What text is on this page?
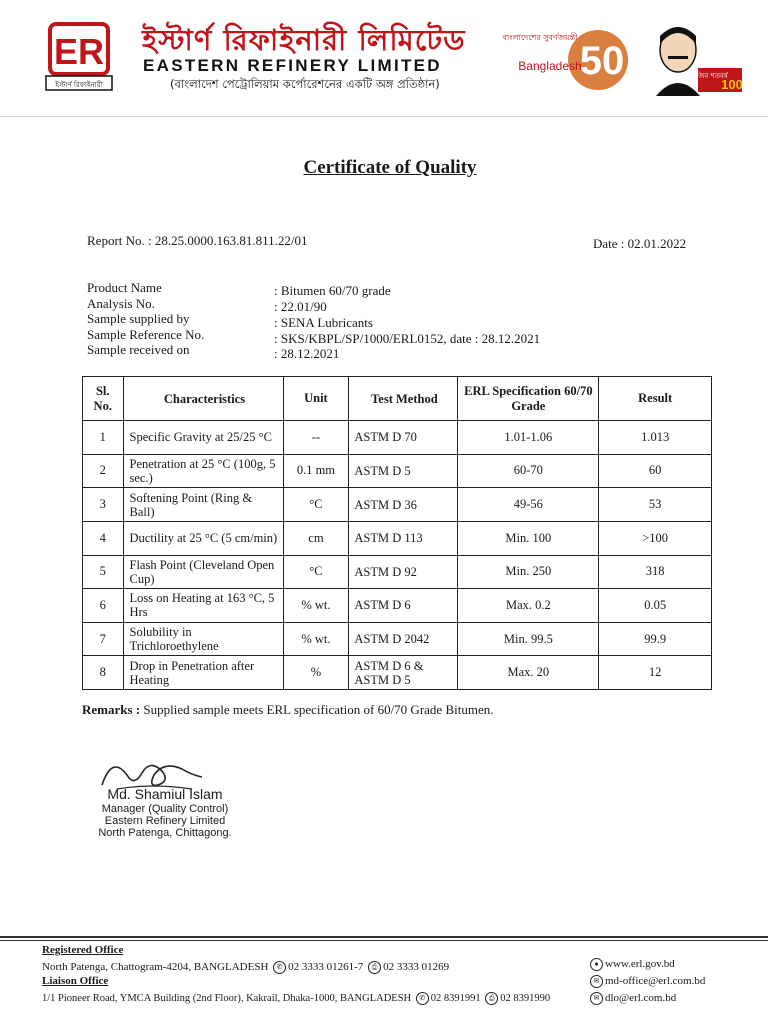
ER
ইস্টার্ণ রিফাইনারী
ইস্টার্ণ রিফাইনারী লিমিটেড
EASTERN REFINERY LIMITED
(বাংলাদেশ পেট্রোলিয়াম কর্পোরেশনের একটি অঙ্গ প্রতিষ্ঠান)
বাংলাদেশের সুবর্ণজয়ন্তী
Bangladesh
50	মুজিব শতবর্ষ
100
Certificate of Quality
Report No. : 28.25.0000.163.81.811.22/01	Date : 02.01.2022
Product Name	: Bitumen 60/70 grade
Analysis No.	: 22.01/90
Sample supplied by	: SENA Lubricants
Sample Reference No.	: SKS/KBPL/SP/1000/ERL0152, date : 28.12.2021
Sample received on	: 28.12.2021
Sl. No.	Characteristics	Unit	Test Method	ERL Specification 60/70 Grade	Result
1	Specific Gravity at 25/25 °C	--	ASTM D 70	1.01-1.06	1.013
2	Penetration at 25 °C (100g, 5 sec.)	0.1 mm	ASTM D 5	60-70	60
3	Softening Point (Ring & Ball)	°C	ASTM D 36	49-56	53
4	Ductility at 25 °C (5 cm/min)	cm	ASTM D 113	Min. 100	>100
5	Flash Point (Cleveland Open Cup)	°C	ASTM D 92	Min. 250	318
6	Loss on Heating at 163 °C, 5 Hrs	% wt.	ASTM D 6	Max. 0.2	0.05
7	Solubility in Trichloroethylene	% wt.	ASTM D 2042	Min. 99.5	99.9
8	Drop in Penetration after Heating	%	ASTM D 6 & ASTM D 5	Max. 20	12
Remarks : Supplied sample meets ERL specification of 60/70 Grade Bitumen.
Md. Shamiul Islam
Manager (Quality Control)
Eastern Refinery Limited
North Patenga, Chittagong.
Registered Office
North Patenga, Chattogram-4204, BANGLADESH ✆ 02 3333 01261-7 ⎙ 02 3333 01269
Liaison Office
1/1 Pioneer Road, YMCA Building (2nd Floor), Kakrail, Dhaka-1000, BANGLADESH ✆ 02 8391991 ⎙ 02 8391990
● www.erl.gov.bd
✉ md-office@erl.com.bd
✉ dlo@erl.com.bd
